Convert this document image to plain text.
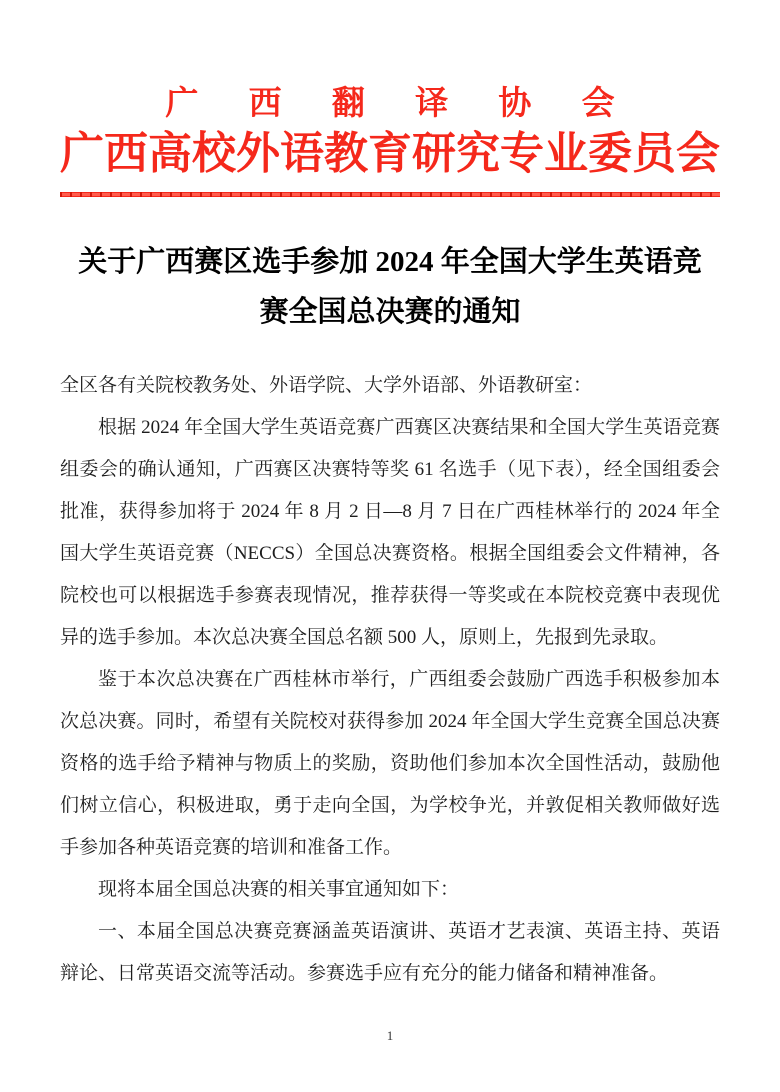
广 西 翻 译 协 会
广西高校外语教育研究专业委员会
关于广西赛区选手参加 2024 年全国大学生英语竞
赛全国总决赛的通知

全区各有关院校教务处、外语学院、大学外语部、外语教研室：

根据 2024 年全国大学生英语竞赛广西赛区决赛结果和全国大学生英语竞赛组委会的确认通知，广西赛区决赛特等奖 61 名选手（见下表），经全国组委会批准，获得参加将于 2024 年 8 月 2 日—8 月 7 日在广西桂林举行的 2024 年全国大学生英语竞赛（NECCS）全国总决赛资格。根据全国组委会文件精神，各院校也可以根据选手参赛表现情况，推荐获得一等奖或在本院校竞赛中表现优异的选手参加。本次总决赛全国总名额 500 人，原则上，先报到先录取。

鉴于本次总决赛在广西桂林市举行，广西组委会鼓励广西选手积极参加本次总决赛。同时，希望有关院校对获得参加 2024 年全国大学生竞赛全国总决赛资格的选手给予精神与物质上的奖励，资助他们参加本次全国性活动，鼓励他们树立信心，积极进取，勇于走向全国，为学校争光，并敦促相关教师做好选手参加各种英语竞赛的培训和准备工作。

现将本届全国总决赛的相关事宜通知如下：

一、本届全国总决赛竞赛涵盖英语演讲、英语才艺表演、英语主持、英语辩论、日常英语交流等活动。参赛选手应有充分的能力储备和精神准备。

1
